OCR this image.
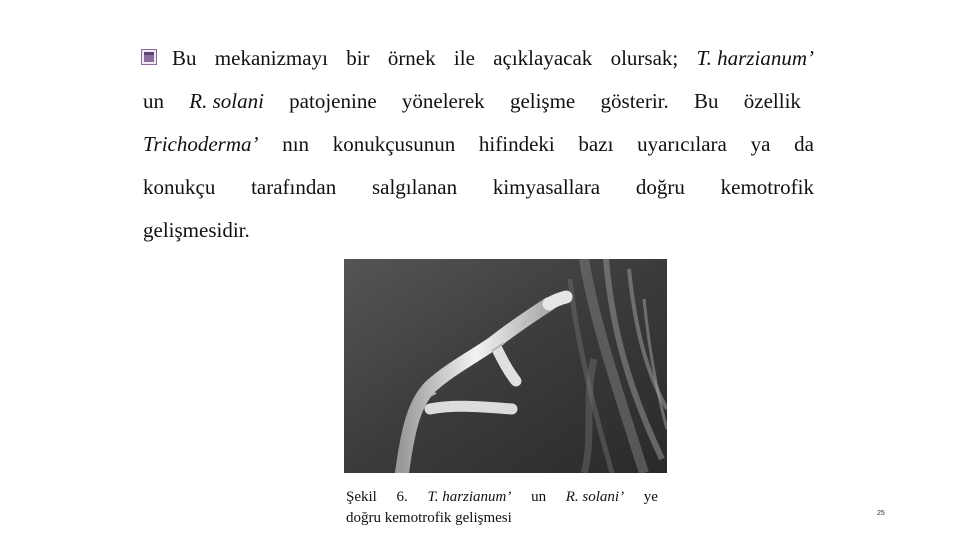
Bu mekanizmayı bir örnek ile açıklayacak olursak; T. harzianum’
un R. solani patojenine yönelerek gelişme gösterir. Bu özellik
Trichoderma’ nın konukçusunun hifindeki bazı uyarıcılara ya da
konukçu tarafından salgılanan kimyasallara doğru kemotrofik
gelişmesidir.
Şekil 6. T. harzianum’ un R. solani’ ye
doğru kemotrofik gelişmesi	25
